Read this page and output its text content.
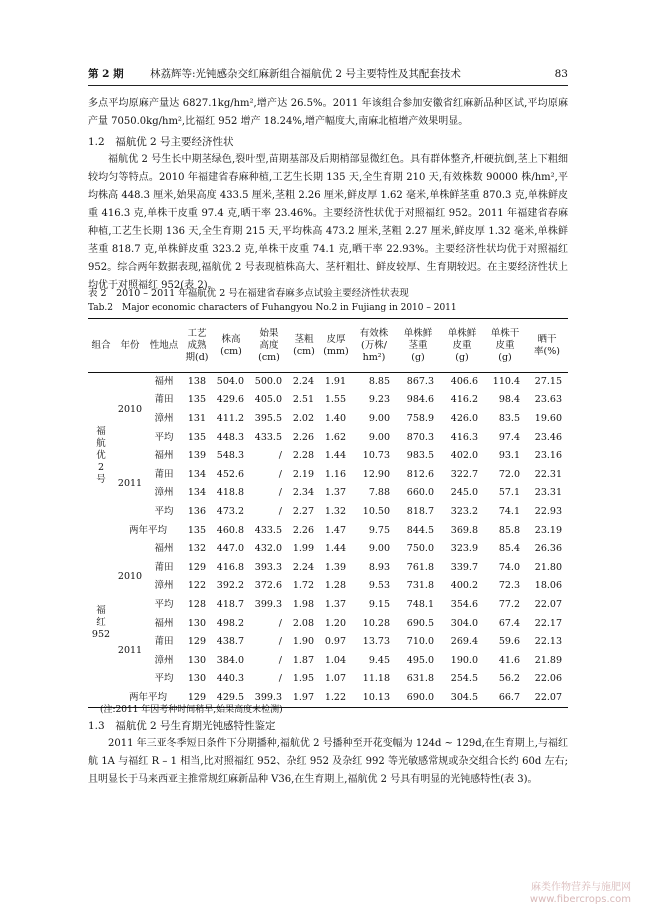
第 2 期	林荔辉等:光钝感杂交红麻新组合福航优 2 号主要特性及其配套技术	83

多点平均原麻产量达 6827.1kg/hm²,增产达 26.5%。2011 年该组合参加安徽省红麻新品种区试,平均原麻产量 7050.0kg/hm²,比福红 952 增产 18.24%,增产幅度大,南麻北植增产效果明显。

1.2　福航优 2 号主要经济性状

福航优 2 号生长中期茎绿色,裂叶型,苗期基部及后期梢部显微红色。具有群体整齐,杆硬抗倒,茎上下粗细较均匀等特点。2010 年福建省春麻种植,工艺生长期 135 天,全生育期 210 天,有效株数 90000 株/hm²,平均株高 448.3 厘米,始果高度 433.5 厘米,茎粗 2.26 厘米,鲜皮厚 1.62 毫米,单株鲜茎重 870.3 克,单株鲜皮重 416.3 克,单株干皮重 97.4 克,晒干率 23.46%。主要经济性状优于对照福红 952。2011 年福建省春麻种植,工艺生长期 136 天,全生育期 215 天,平均株高 473.2 厘米,茎粗 2.27 厘米,鲜皮厚 1.32 毫米,单株鲜茎重 818.7 克,单株鲜皮重 323.2 克,单株干皮重 74.1 克,晒干率 22.93%。主要经济性状均优于对照福红 952。综合两年数据表现,福航优 2 号表现植株高大、茎杆粗壮、鲜皮较厚、生育期较迟。在主要经济性状上均优于对照福红 952(表 2)。

表 2　2010 – 2011 年福航优 2 号在福建省春麻多点试验主要经济性状表现
Tab.2　Major economic characters of Fuhangyou No.2 in Fujiang in 2010 – 2011
组合	年份	性地点	工艺
成熟
期(d)	株高
(cm)	始果
高度
(cm)	茎粗
(cm)	皮厚
(mm)	有效株
(万株/
hm²)	单株鲜
茎重
(g)	单株鲜
皮重
(g)	单株干
皮重
(g)	晒干
率(%)
福
航
优
2
号	2010	福州	138	504.0	500.0	2.24	1.91	8.85	867.3	406.6	110.4	27.15
		莆田	135	429.6	405.0	2.51	1.55	9.23	984.6	416.2	98.4	23.63
		漳州	131	411.2	395.5	2.02	1.40	9.00	758.9	426.0	83.5	19.60
		平均	135	448.3	433.5	2.26	1.62	9.00	870.3	416.3	97.4	23.46
	2011	福州	139	548.3	/	2.28	1.44	10.73	983.5	402.0	93.1	23.16
		莆田	134	452.6	/	2.19	1.16	12.90	812.6	322.7	72.0	22.31
		漳州	134	418.8	/	2.34	1.37	7.88	660.0	245.0	57.1	23.31
		平均	136	473.2	/	2.27	1.32	10.50	818.7	323.2	74.1	22.93
	两年平均		135	460.8	433.5	2.26	1.47	9.75	844.5	369.8	85.8	23.19
福
红
952	2010	福州	132	447.0	432.0	1.99	1.44	9.00	750.0	323.9	85.4	26.36
		莆田	129	416.8	393.3	2.24	1.39	8.93	761.8	339.7	74.0	21.80
		漳州	122	392.2	372.6	1.72	1.28	9.53	731.8	400.2	72.3	18.06
		平均	128	418.7	399.3	1.98	1.37	9.15	748.1	354.6	77.2	22.07
	2011	福州	130	498.2	/	2.08	1.20	10.28	690.5	304.0	67.4	22.17
		莆田	129	438.7	/	1.90	0.97	13.73	710.0	269.4	59.6	22.13
		漳州	130	384.0	/	1.87	1.04	9.45	495.0	190.0	41.6	21.89
		平均	130	440.3	/	1.95	1.07	11.18	631.8	254.5	56.2	22.06
	两年平均		129	429.5	399.3	1.97	1.22	10.13	690.0	304.5	66.7	22.07
(注:2011 年因考种时间稍早,始果高度未检测)
1.3　福航优 2 号生育期光钝感特性鉴定

2011 年三亚冬季短日条件下分期播种,福航优 2 号播种至开花变幅为 124d ~ 129d,在生育期上,与福红航 1A 与福红 R – 1 相当,比对照福红 952、杂红 952 及杂红 992 等光敏感常规或杂交组合长约 60d 左右;且明显长于马来西亚主推常规红麻新品种 V36,在生育期上,福航优 2 号具有明显的光钝感特性(表 3)。

麻类作物营养与施肥网
www.fibercrops.com
